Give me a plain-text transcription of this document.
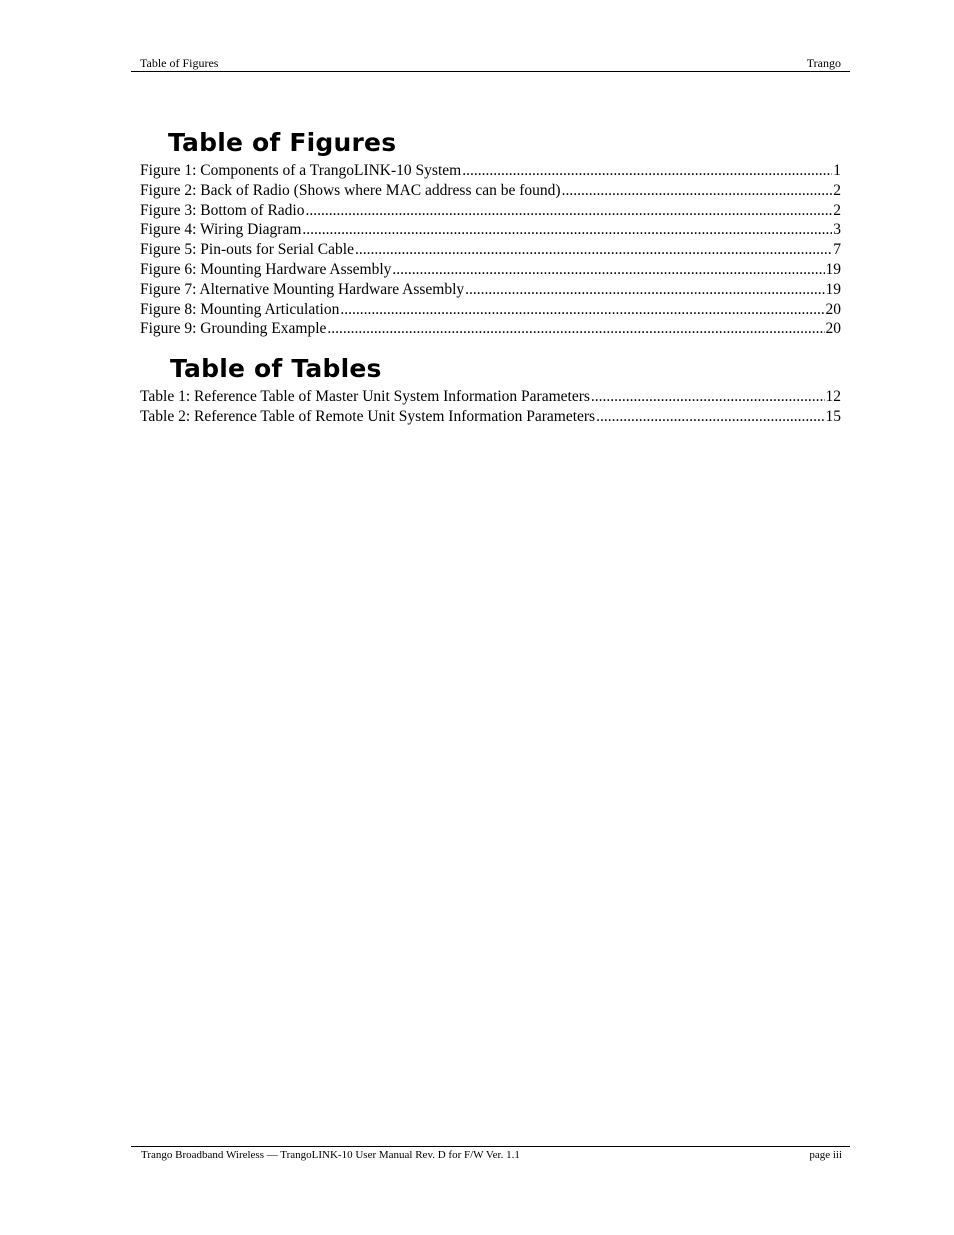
Table of Figures	Trango
Table of Figures
Figure 1: Components of a TrangoLINK-10 System .....	1
Figure 2: Back of Radio (Shows where MAC address can be found) .....	2
Figure 3: Bottom of Radio .....	2
Figure 4: Wiring Diagram .....	3
Figure 5: Pin-outs for Serial Cable .....	7
Figure 6: Mounting Hardware Assembly .....	19
Figure 7: Alternative Mounting Hardware Assembly .....	19
Figure 8: Mounting Articulation .....	20
Figure 9: Grounding Example .....	20
Table of Tables
Table 1: Reference Table of Master Unit System Information Parameters .....	12
Table 2: Reference Table of Remote Unit System Information Parameters .....	15
Trango Broadband Wireless — TrangoLINK-10 User Manual Rev. D for F/W Ver. 1.1	page iii
